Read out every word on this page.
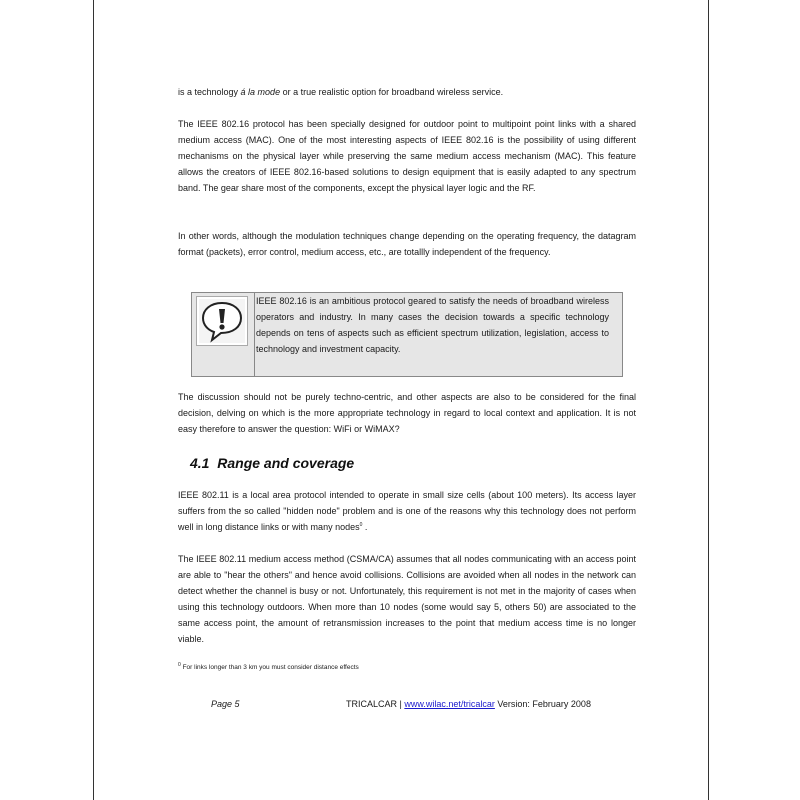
is a technology á la mode or a true realistic option for broadband wireless service.

The IEEE 802.16 protocol has been specially designed for outdoor point to multipoint point links with a shared medium access (MAC). One of the most interesting aspects of IEEE 802.16 is the possibility of using different mechanisms on the physical layer while preserving the same medium access mechanism (MAC). This feature allows the creators of IEEE 802.16-based solutions to design equipment that is easily adapted to any spectrum band. The gear share most of the components, except the physical layer logic and the RF.

In other words, although the modulation techniques change depending on the operating frequency, the datagram format (packets), error control, medium access, etc., are totallly independent of the frequency.

IEEE 802.16 is an ambitious protocol geared to satisfy the needs of broadband wireless operators and industry. In many cases the decision towards a specific technology depends on tens of aspects such as efficient spectrum utilization, legislation, access to technology and investment capacity.

The discussion should not be purely techno-centric, and other aspects are also to be considered for the final decision, delving on which is the more appropriate technology in regard to local context and application. It is not easy therefore to answer the question: WiFi or WiMAX?

4.1 Range and coverage

IEEE 802.11 is a local area protocol intended to operate in small size cells (about 100 meters). Its access layer suffers from the so called "hidden node" problem and is one of the reasons why this technology does not perform well in long distance links or with many nodes$^0$ .

The IEEE 802.11 medium access method (CSMA/CA) assumes that all nodes communicating with an access point are able to "hear the others" and hence avoid collisions. Collisions are avoided when all nodes in the network can detect whether the channel is busy or not. Unfortunately, this requirement is not met in the majority of cases when using this technology outdoors. When more than 10 nodes (some would say 5, others 50) are associated to the same access point, the amount of retransmission increases to the point that medium access time is no longer viable.

$^0$ For links longer than 3 km you must consider distance effects
Page 5	TRICALCAR | www.wilac.net/tricalcar Version: February 2008
